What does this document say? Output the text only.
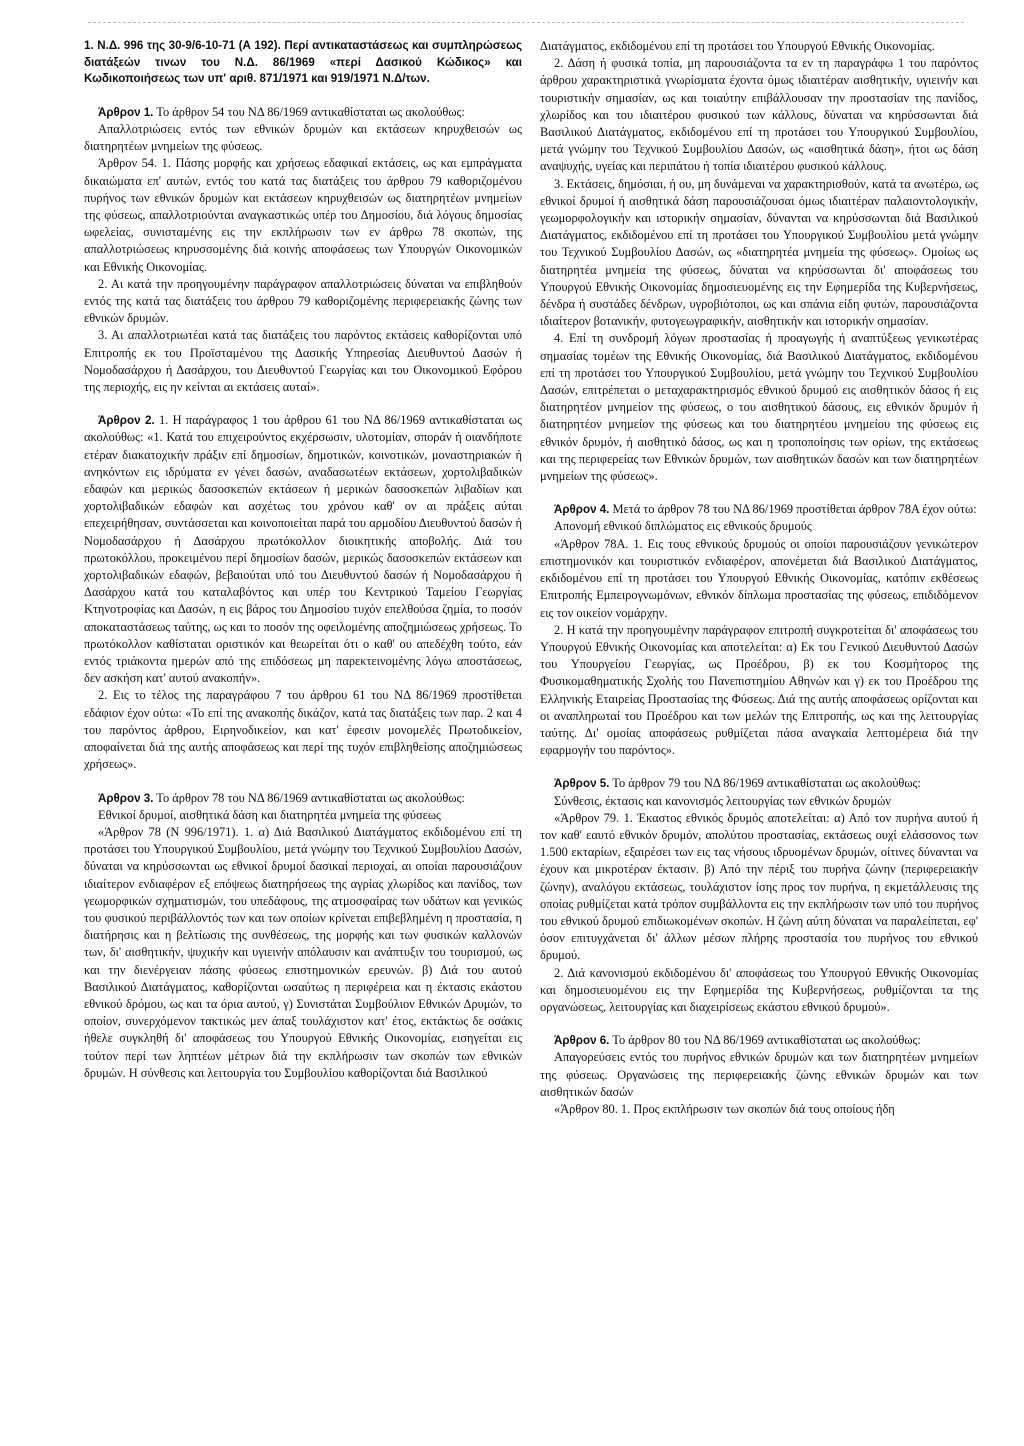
1. Ν.Δ. 996 της 30-9/6-10-71 (Α 192). Περί αντικαταστάσεως και συμπληρώσεως διατάξεών τινων του Ν.Δ. 86/1969 «περί Δασικού Κώδικος» και Κωδικοποιήσεως των υπ' αριθ. 871/1971 και 919/1971 Ν.Δ/των.

Άρθρον 1. Το άρθρον 54 του ΝΔ 86/1969 αντικαθίσταται ως ακολούθως:

Απαλλοτριώσεις εντός των εθνικών δρυμών και εκτάσεων κηρυχθεισών ως διατηρητέων μνημείων της φύσεως.

Άρθρον 54. 1. Πάσης μορφής και χρήσεως εδαφικαί εκτάσεις, ως και εμπράγματα δικαιώματα επ' αυτών, εντός του κατά τας διατάξεις του άρθρου 79 καθοριζομένου πυρήνος των εθνικών δρυμών και εκτάσεων κηρυχθεισών ως διατηρητέων μνημείων της φύσεως, απαλλοτριούνται αναγκαστικώς υπέρ του Δημοσίου, διά λόγους δημοσίας ωφελείας, συνισταμένης εις την εκπλήρωσιν των εν άρθρω 78 σκοπών, της απαλλοτριώσεως κηρυσσομένης διά κοινής αποφάσεως των Υπουργών Οικονομικών και Εθνικής Οικονομίας.

2. Αι κατά την προηγουμένην παράγραφον απαλλοτριώσεις δύναται να επιβληθούν εντός της κατά τας διατάξεις του άρθρου 79 καθοριζομένης περιφερειακής ζώνης των εθνικών δρυμών.

3. Αι απαλλοτριωτέαι κατά τας διατάξεις του παρόντος εκτάσεις καθορίζονται υπό Επιτροπής εκ του Προϊσταμένου της Δασικής Υπηρεσίας Διευθυντού Δασών ή Νομοδασάρχου ή Δασάρχου, του Διευθυντού Γεωργίας και του Οικονομικού Εφόρου της περιοχής, εις ην κείνται αι εκτάσεις αυταί».

Άρθρον 2. 1. Η παράγραφος 1 του άρθρου 61 του ΝΔ 86/1969 αντικαθίσταται ως ακολούθως: «1. Κατά του επιχειρούντος εκχέρσωσιν, υλοτομίαν, σποράν ή οιανδήποτε ετέραν διακατοχικήν πράξιν επί δημοσίων, δημοτικών, κοινοτικών, μοναστηριακών ή ανηκόντων εις ιδρύματα εν γένει δασών, αναδασωτέων εκτάσεων, χορτολιβαδικών εδαφών και μερικώς δασοσκεπών εκτάσεων ή μερικών δασοσκεπών λιβαδίων και χορτολιβαδικών εδαφών και ασχέτως του χρόνου καθ' ον αι πράξεις αύται επεχειρήθησαν, συντάσσεται και κοινοποιείται παρά του αρμοδίου Διευθυντού δασών ή Νομοδασάρχου ή Δασάρχου πρωτόκολλον διοικητικής αποβολής. Διά του πρωτοκόλλου, προκειμένου περί δημοσίων δασών, μερικώς δασοσκεπών εκτάσεων και χορτολιβαδικών εδαφών, βεβαιούται υπό του Διευθυντού δασών ή Νομοδασάρχου ή Δασάρχου κατά του καταλαβόντος και υπέρ του Κεντρικού Ταμείου Γεωργίας Κτηνοτροφίας και Δασών, η εις βάρος του Δημοσίου τυχόν επελθούσα ζημία, το ποσόν αποκαταστάσεως ταύτης, ως και το ποσόν της οφειλομένης αποζημιώσεως χρήσεως. Το πρωτόκολλον καθίσταται οριστικόν και θεωρείται ότι ο καθ' ου απεδέχθη τούτο, εάν εντός τριάκοντα ημερών από της επιδόσεως μη παρεκτεινομένης λόγω αποστάσεως, δεν ασκήση κατ' αυτού ανακοπήν».

2. Εις το τέλος της παραγράφου 7 του άρθρου 61 του ΝΔ 86/1969 προστίθεται εδάφιον έχον ούτω: «Το επί της ανακοπής δικάζον, κατά τας διατάξεις των παρ. 2 και 4 του παρόντος άρθρου, Ειρηνοδικείον, και κατ' έφεσιν μονομελές Πρωτοδικείον, αποφαίνεται διά της αυτής αποφάσεως και περί της τυχόν επιβληθείσης αποζημιώσεως χρήσεως».

Άρθρον 3. Το άρθρον 78 του ΝΔ 86/1969 αντικαθίσταται ως ακολούθως:

Εθνικοί δρυμοί, αισθητικά δάση και διατηρητέα μνημεία της φύσεως

«Άρθρον 78 (Ν 996/1971). 1. α) Διά Βασιλικού Διατάγματος εκδιδομένου επί τη προτάσει του Υπουργικού Συμβουλίου, μετά γνώμην του Τεχνικού Συμβουλίου Δασών, δύναται να κηρύσσωνται ως εθνικοί δρυμοί δασικαί περιοχαί, αι οποίαι παρουσιάζουν ιδιαίτερον ενδιαφέρον εξ επόψεως διατηρήσεως της αγρίας χλωρίδος και πανίδος, των γεωμορφικών σχηματισμών, του υπεδάφους, της ατμοσφαίρας των υδάτων και γενικώς του φυσικού περιβάλλοντός των και των οποίων κρίνεται επιβεβλημένη η προστασία, η διατήρησις και η βελτίωσις της συνθέσεως, της μορφής και των φυσικών καλλονών των, δι' αισθητικήν, ψυχικήν και υγιεινήν απόλαυσιν και ανάπτυξιν του τουρισμού, ως και την διενέργειαν πάσης φύσεως επιστημονικών ερευνών. β) Διά του αυτού Βασιλικού Διατάγματος, καθορίζονται ωσαύτως η περιφέρεια και η έκτασις εκάστου εθνικού δρόμου, ως και τα όρια αυτού, γ) Συνιστάται Συμβούλιον Εθνικών Δρυμών, το οποίον, συνερχόμενον τακτικώς μεν άπαξ τουλάχιστον κατ' έτος, εκτάκτως δε οσάκις ήθελε συγκληθή δι' αποφάσεως του Υπουργού Εθνικής Οικονομίας, εισηγείται εις τούτον περί των ληπτέων μέτρων διά την εκπλήρωσιν των σκοπών των εθνικών δρυμών. Η σύνθεσις και λειτουργία του Συμβουλίου καθορίζονται διά Βασιλικού

Διατάγματος, εκδιδομένου επί τη προτάσει του Υπουργού Εθνικής Οικονομίας.

2. Δάση ή φυσικά τοπία, μη παρουσιάζοντα τα εν τη παραγράφω 1 του παρόντος άρθρου χαρακτηριστικά γνωρίσματα έχοντα όμως ιδιαιτέραν αισθητικήν, υγιεινήν και τουριστικήν σημασίαν, ως και τοιαύτην επιβάλλουσαν την προστασίαν της πανίδος, χλωρίδος και του ιδιαιτέρου φυσικού των κάλλους, δύναται να κηρύσσωνται διά Βασιλικού Διατάγματος, εκδιδομένου επί τη προτάσει του Υπουργικού Συμβουλίου, μετά γνώμην του Τεχνικού Συμβουλίου Δασών, ως «αισθητικά δάση», ήτοι ως δάση αναψυχής, υγείας και περιπάτου ή τοπία ιδιαιτέρου φυσικού κάλλους.

3. Εκτάσεις, δημόσιαι, ή ου, μη δυνάμεναι να χαρακτηρισθούν, κατά τα ανωτέρω, ως εθνικοί δρυμοί ή αισθητικά δάση παρουσιάζουσαι όμως ιδιαιτέραν παλαιοντολογικήν, γεωμορφολογικήν και ιστορικήν σημασίαν, δύνανται να κηρύσσωνται διά Βασιλικού Διατάγματος, εκδιδομένου επί τη προτάσει του Υπουργικού Συμβουλίου μετά γνώμην του Τεχνικού Συμβουλίου Δασών, ως «διατηρητέα μνημεία της φύσεως». Ομοίως ως διατηρητέα μνημεία της φύσεως, δύναται να κηρύσσωνται δι' αποφάσεως του Υπουργού Εθνικής Οικονομίας δημοσιευομένης εις την Εφημερίδα της Κυβερνήσεως, δένδρα ή συστάδες δένδρων, υγροβιότοποι, ως και σπάνια είδη φυτών, παρουσιάζοντα ιδιαίτερον βοτανικήν, φυτογεωγραφικήν, αισθητικήν και ιστορικήν σημασίαν.

4. Επί τη συνδρομή λόγων προστασίας ή προαγωγής ή αναπτύξεως γενικωτέρας σημασίας τομέων της Εθνικής Οικονομίας, διά Βασιλικού Διατάγματος, εκδιδομένου επί τη προτάσει του Υπουργικού Συμβουλίου, μετά γνώμην του Τεχνικού Συμβουλίου Δασών, επιτρέπεται ο μεταχαρακτηρισμός εθνικού δρυμού εις αισθητικόν δάσος ή εις διατηρητέον μνημείον της φύσεως, ο του αισθητικού δάσους, εις εθνικόν δρυμόν ή διατηρητέον μνημείον της φύσεως και του διατηρητέου μνημείου της φύσεως εις εθνικόν δρυμόν, ή αισθητικό δάσος, ως και η τροποποίησις των ορίων, της εκτάσεως και της περιφερείας των Εθνικών δρυμών, των αισθητικών δασών και των διατηρητέων μνημείων της φύσεως».

Άρθρον 4. Μετά το άρθρον 78 του ΝΔ 86/1969 προστίθεται άρθρον 78Α έχον ούτω:

Απονομή εθνικού διπλώματος εις εθνικούς δρυμούς

«Άρθρον 78Α. 1. Εις τους εθνικούς δρυμούς οι οποίοι παρουσιάζουν γενικώτερον επιστημονικόν και τουριστικόν ενδιαφέρον, απονέμεται διά Βασιλικού Διατάγματος, εκδιδομένου επί τη προτάσει του Υπουργού Εθνικής Οικονομίας, κατόπιν εκθέσεως Επιτροπής Εμπειρογνωμόνων, εθνικόν δίπλωμα προστασίας της φύσεως, επιδιδόμενον εις τον οικείον νομάρχην.

2. Η κατά την προηγουμένην παράγραφον επιτροπή συγκροτείται δι' αποφάσεως του Υπουργού Εθνικής Οικονομίας και αποτελείται: α) Εκ του Γενικού Διευθυντού Δασών του Υπουργείου Γεωργίας, ως Προέδρου, β) εκ του Κοσμήτορος της Φυσικομαθηματικής Σχολής του Πανεπιστημίου Αθηνών και γ) εκ του Προέδρου της Ελληνικής Εταιρείας Προστασίας της Φύσεως. Διά της αυτής αποφάσεως ορίζονται και οι αναπληρωταί του Προέδρου και των μελών της Επιτροπής, ως και της λειτουργίας ταύτης. Δι' ομοίας αποφάσεως ρυθμίζεται πάσα αναγκαία λεπτομέρεια διά την εφαρμογήν του παρόντος».

Άρθρον 5. Το άρθρον 79 του ΝΔ 86/1969 αντικαθίσταται ως ακολούθως:

Σύνθεσις, έκτασις και κανονισμός λειτουργίας των εθνικών δρυμών

«Άρθρον 79. 1. Έκαστος εθνικός δρυμός αποτελείται: α) Από τον πυρήνα αυτού ή τον καθ' εαυτό εθνικόν δρυμόν, απολύτου προστασίας, εκτάσεως ουχί ελάσσονος των 1.500 εκταρίων, εξαιρέσει των εις τας νήσους ιδρυομένων δρυμών, οίτινες δύνανται να έχουν και μικροτέραν έκτασιν. β) Από την πέριξ του πυρήνα ζώνην (περιφερειακήν ζώνην), αναλόγου εκτάσεως, τουλάχιστον ίσης προς τον πυρήνα, η εκμετάλλευσις της οποίας ρυθμίζεται κατά τρόπον συμβάλλοντα εις την εκπλήρωσιν των υπό του πυρήνος του εθνικού δρυμού επιδιωκομένων σκοπών. Η ζώνη αύτη δύναται να παραλείπεται, εφ' όσον επιτυγχάνεται δι' άλλων μέσων πλήρης προστασία του πυρήνος του εθνικού δρυμού.

2. Διά κανονισμού εκδιδομένου δι' αποφάσεως του Υπουργού Εθνικής Οικονομίας και δημοσιευομένου εις την Εφημερίδα της Κυβερνήσεως, ρυθμίζονται τα της οργανώσεως, λειτουργίας και διαχειρίσεως εκάστου εθνικού δρυμού».

Άρθρον 6. Το άρθρον 80 του ΝΔ 86/1969 αντικαθίσταται ως ακολούθως:

Απαγορεύσεις εντός του πυρήνος εθνικών δρυμών και των διατηρητέων μνημείων της φύσεως. Οργανώσεις της περιφερειακής ζώνης εθνικών δρυμών και των αισθητικών δασών

«Άρθρον 80. 1. Προς εκπλήρωσιν των σκοπών διά τους οποίους ήδη
